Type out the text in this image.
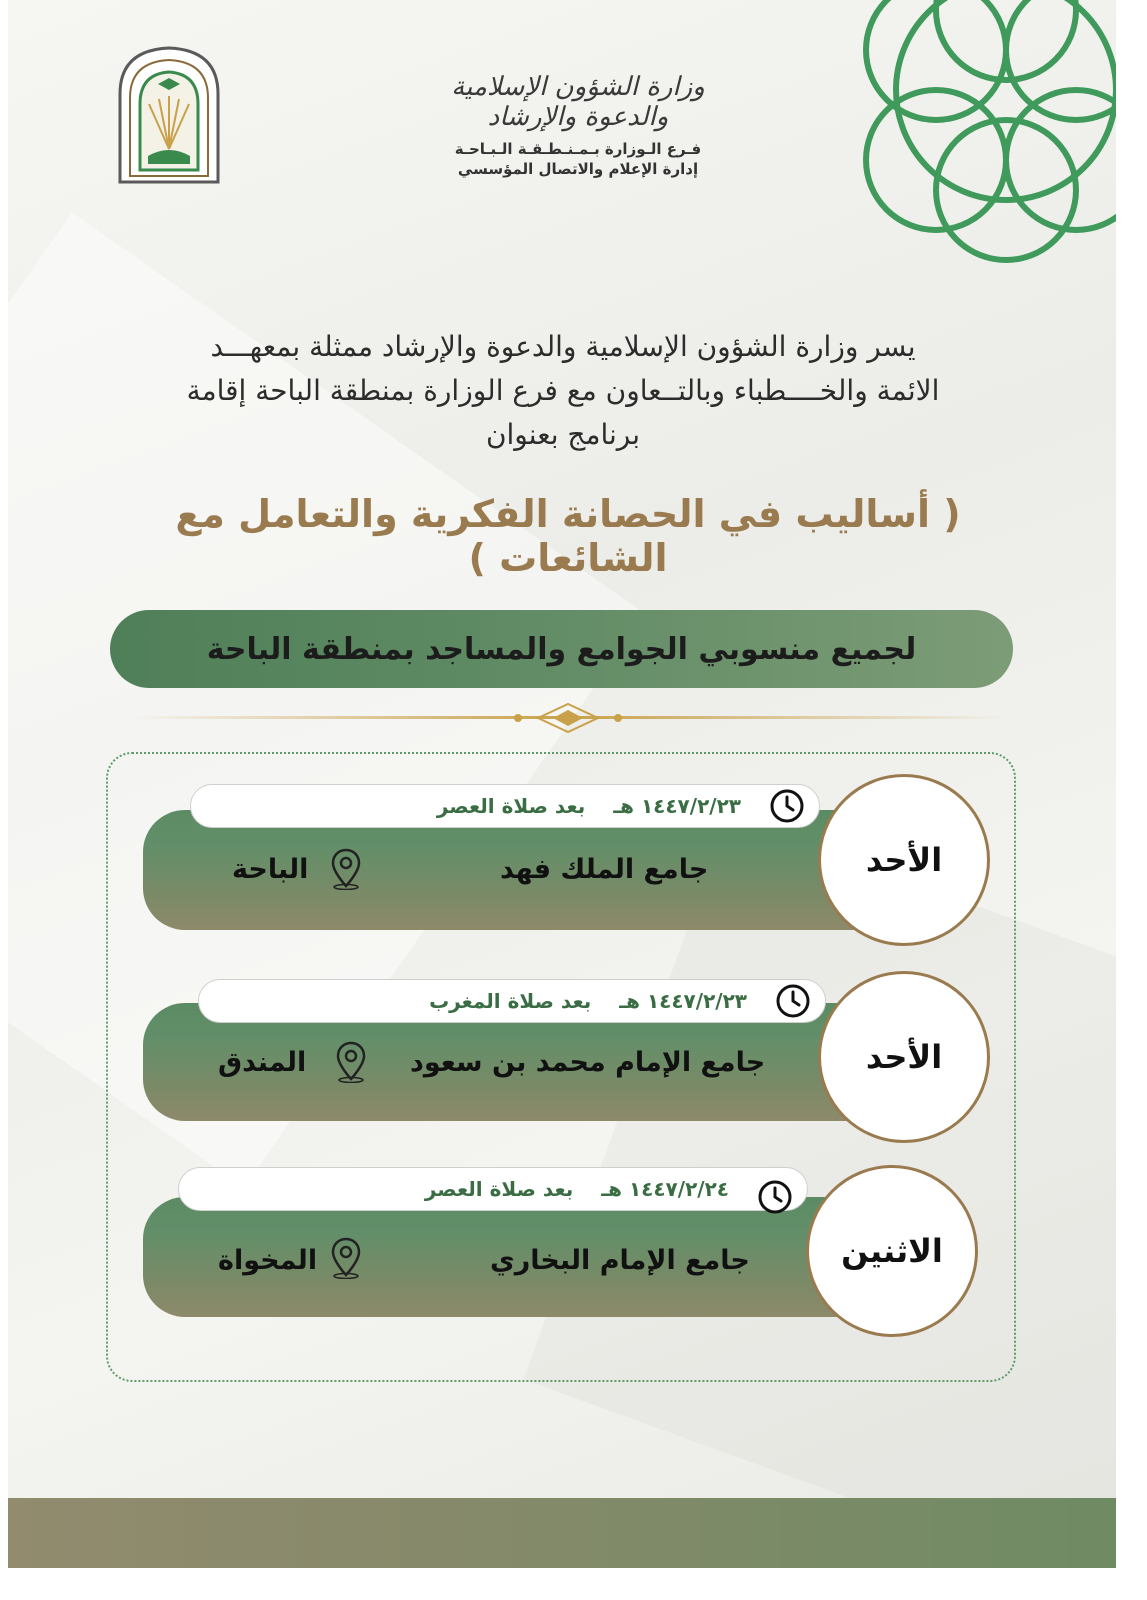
وزارة الشؤون الإسلامية والدعوة والإرشاد
فـرع الـوزارة بـمـنـطـقـة الـبـاحـة
إدارة الإعلام والاتصال المؤسسي
يسر وزارة الشؤون الإسلامية والدعوة والإرشاد ممثلة بمعهـــد
الائمة والخــــطباء وبالتــعاون مع فرع الوزارة بمنطقة الباحة إقامة
برنامج بعنوان
( أساليب في الحصانة الفكرية والتعامل مع الشائعات )
لجميع منسوبي الجوامع والمساجد بمنطقة الباحة
١٤٤٧/٢/٢٣ هـ
بعد صلاة العصر
جامع الملك فهد
الباحة	الأحد
١٤٤٧/٢/٢٣ هـ
بعد صلاة المغرب
جامع الإمام محمد بن سعود
المندق	الأحد
١٤٤٧/٢/٢٤ هـ
بعد صلاة العصر
جامع الإمام البخاري
المخواة	الاثنين
